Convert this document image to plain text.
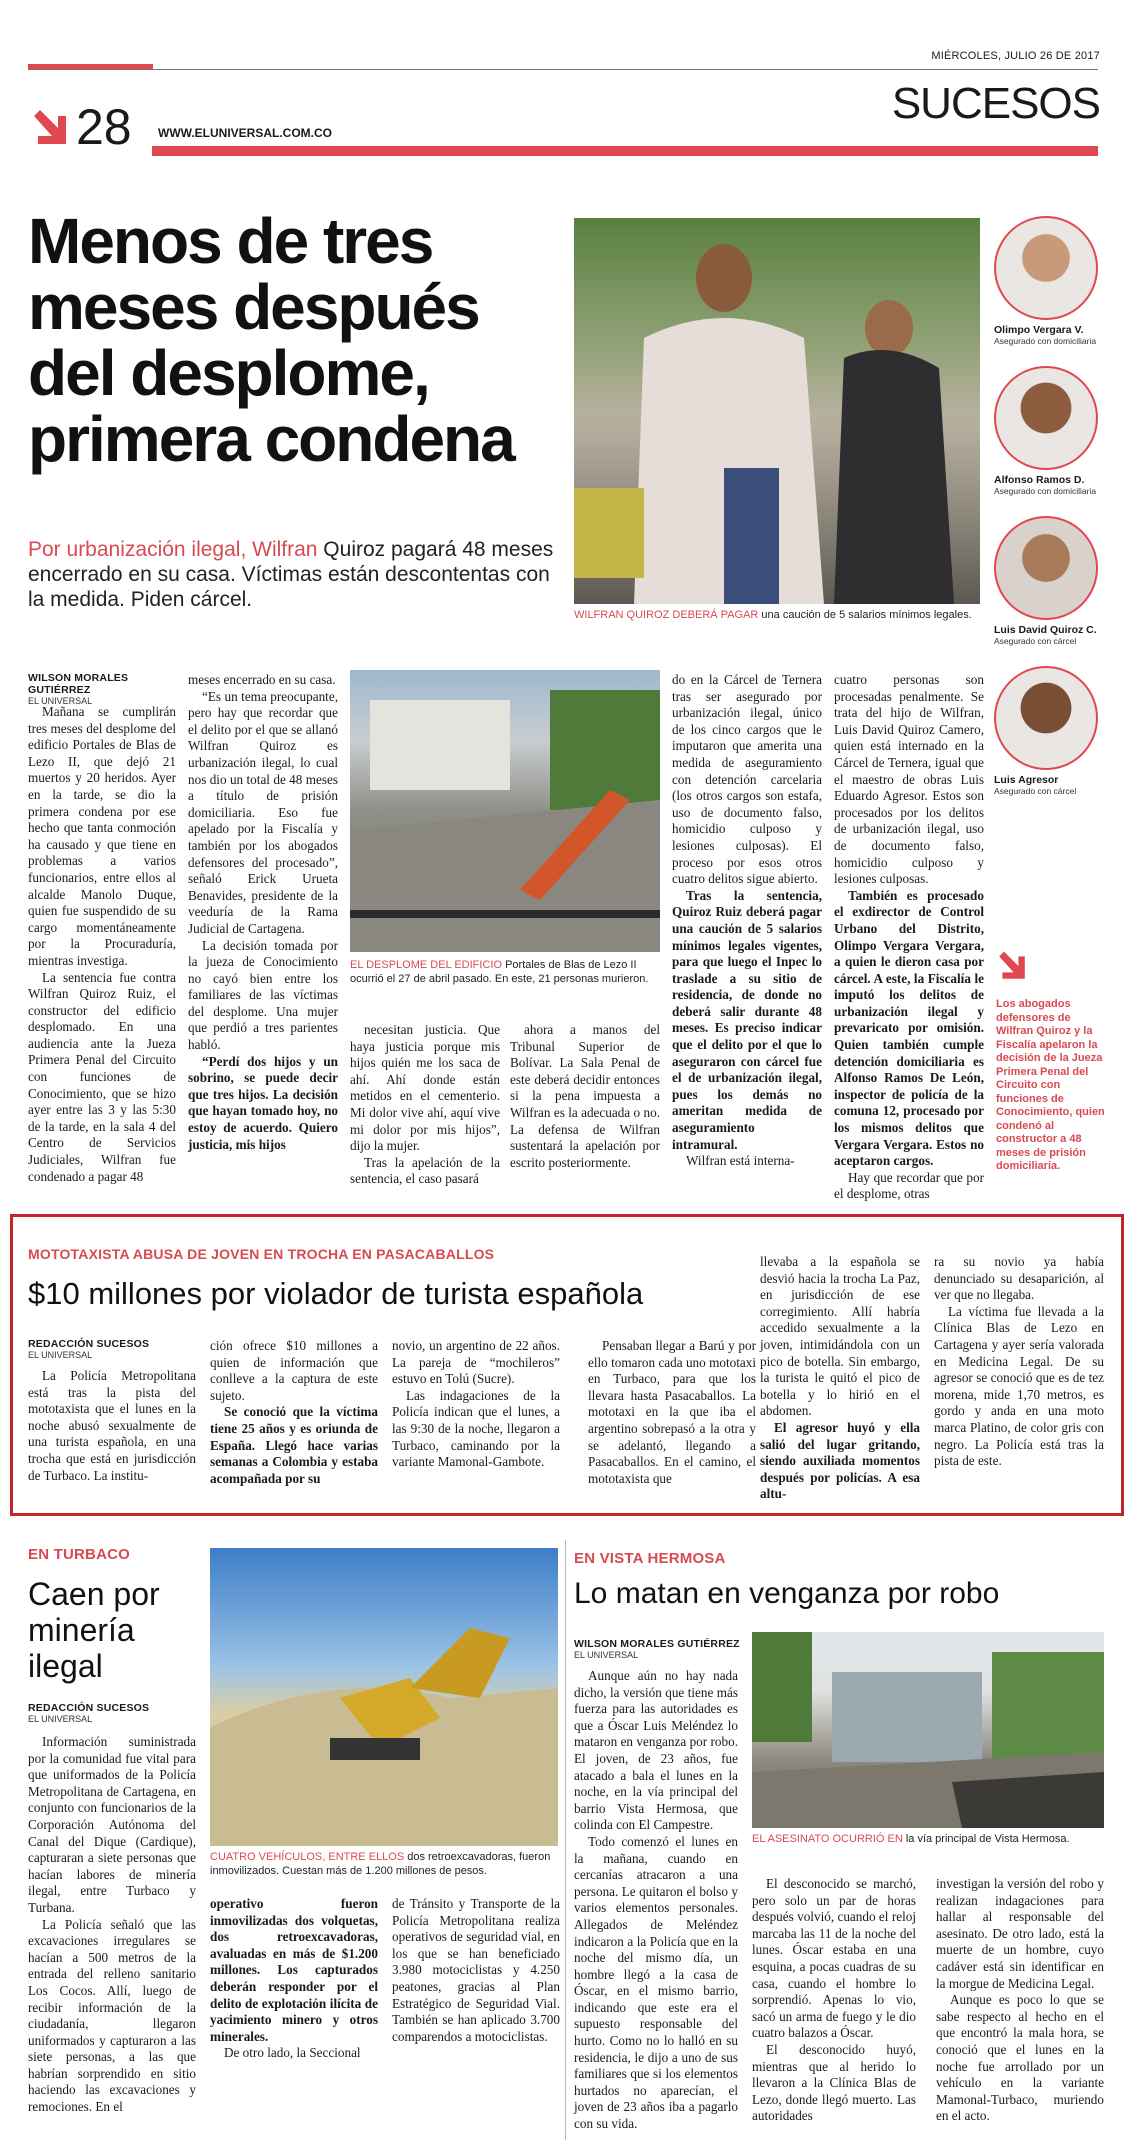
MIÉRCOLES, JULIO 26 DE 2017
28 WWW.ELUNIVERSAL.COM.CO
SUCESOS
Menos de tres meses después del desplome, primera condena
Por urbanización ilegal, Wilfran Quiroz pagará 48 meses encerrado en su casa. Víctimas están descontentas con la medida. Piden cárcel.
WILFRAN QUIROZ DEBERÁ PAGAR una caución de 5 salarios mínimos legales.
Olimpo Vergara V.
Asegurado con domiciliaria
Alfonso Ramos D.
Asegurado con domiciliaria
Luis David Quiroz C.
Asegurado con cárcel
Luis Agresor
Asegurado con cárcel
WILSON MORALES GUTIÉRREZ
EL UNIVERSAL

Mañana se cumplirán tres meses del desplome del edificio Portales de Blas de Lezo II, que dejó 21 muertos y 20 heridos. Ayer en la tarde, se dio la primera condena por ese hecho que tanta conmoción ha causado y que tiene en problemas a varios funcionarios, entre ellos al alcalde Manolo Duque, quien fue suspendido de su cargo momentáneamente por la Procuraduría, mientras investiga.

La sentencia fue contra Wilfran Quiroz Ruiz, el constructor del edificio desplomado. En una audiencia ante la Jueza Primera Penal del Circuito con funciones de Conocimiento, que se hizo ayer entre las 3 y las 5:30 de la tarde, en la sala 4 del Centro de Servicios Judiciales, Wilfran fue condenado a pagar 48

meses encerrado en su casa.

“Es un tema preocupante, pero hay que recordar que el delito por el que se allanó Wilfran Quiroz es urbanización ilegal, lo cual nos dio un total de 48 meses a título de prisión domiciliaria. Eso fue apelado por la Fiscalía y también por los abogados defensores del procesado”, señaló Erick Urueta Benavides, presidente de la veeduría de la Rama Judicial de Cartagena.

La decisión tomada por la jueza de Conocimiento no cayó bien entre los familiares de las víctimas del desplome. Una mujer que perdió a tres parientes habló.

“Perdí dos hijos y un sobrino, se puede decir que tres hijos. La decisión que hayan tomado hoy, no estoy de acuerdo. Quiero justicia, mis hijos

EL DESPLOME DEL EDIFICIO Portales de Blas de Lezo II ocurrió el 27 de abril pasado. En este, 21 personas murieron.

necesitan justicia. Que haya justicia porque mis hijos quién me los saca de ahí. Ahí donde están metidos en el cementerio. Mi dolor vive ahí, aquí vive mi dolor por mis hijos”, dijo la mujer.

Tras la apelación de la sentencia, el caso pasará

ahora a manos del Tribunal Superior de Bolívar. La Sala Penal de este deberá decidir entonces si la pena impuesta a Wilfran es la adecuada o no. La defensa de Wilfran sustentará la apelación por escrito posteriormente.

do en la Cárcel de Ternera tras ser asegurado por urbanización ilegal, único de los cinco cargos que le imputaron que amerita una medida de aseguramiento con detención carcelaria (los otros cargos son estafa, uso de documento falso, homicidio culposo y lesiones culposas). El proceso por esos otros cuatro delitos sigue abierto.

Tras la sentencia, Quiroz Ruiz deberá pagar una caución de 5 salarios mínimos legales vigentes, para que luego el Inpec lo traslade a su sitio de residencia, de donde no deberá salir durante 48 meses. Es preciso indicar que el delito por el que lo aseguraron con cárcel fue el de urbanización ilegal, pues los demás no ameritan medida de aseguramiento intramural.

Wilfran está interna-

cuatro personas son procesadas penalmente. Se trata del hijo de Wilfran, Luis David Quiroz Camero, quien está internado en la Cárcel de Ternera, igual que el maestro de obras Luis Eduardo Agresor. Estos son procesados por los delitos de urbanización ilegal, uso de documento falso, homicidio culposo y lesiones culposas.

También es procesado el exdirector de Control Urbano del Distrito, Olimpo Vergara Vergara, a quien le dieron casa por cárcel. A este, la Fiscalía le imputó los delitos de urbanización ilegal y prevaricato por omisión. Quien también cumple detención domiciliaria es Alfonso Ramos De León, inspector de policía de la comuna 12, procesado por los mismos delitos que Vergara Vergara. Estos no aceptaron cargos.

Hay que recordar que por el desplome, otras

Los abogados defensores de Wilfran Quiroz y la Fiscalía apelaron la decisión de la Jueza Primera Penal del Circuito con funciones de Conocimiento, quien condenó al constructor a 48 meses de prisión domiciliaria.
MOTOTAXISTA ABUSA DE JOVEN EN TROCHA EN PASACABALLOS
$10 millones por violador de turista española
REDACCIÓN SUCESOS
EL UNIVERSAL

La Policía Metropolitana está tras la pista del mototaxista que el lunes en la noche abusó sexualmente de una turista española, en una trocha que está en jurisdicción de Turbaco. La institu-

ción ofrece $10 millones a quien de información que conlleve a la captura de este sujeto.

Se conoció que la víctima tiene 25 años y es oriunda de España. Llegó hace varias semanas a Colombia y estaba acompañada por su

novio, un argentino de 22 años. La pareja de “mochileros” estuvo en Tolú (Sucre).

Las indagaciones de la Policía indican que el lunes, a las 9:30 de la noche, llegaron a Turbaco, caminando por la variante Mamonal-Gambote.

Pensaban llegar a Barú y por ello tomaron cada uno mototaxi en Turbaco, para que los llevara hasta Pasacaballos. La mototaxi en la que iba el argentino sobrepasó a la otra y se adelantó, llegando a Pasacaballos. En el camino, el mototaxista que

llevaba a la española se desvió hacia la trocha La Paz, en jurisdicción de ese corregimiento. Allí habría accedido sexualmente a la joven, intimidándola con un pico de botella. Sin embargo, la turista le quitó el pico de botella y lo hirió en el abdomen.

El agresor huyó y ella salió del lugar gritando, siendo auxiliada momentos después por policías. A esa altu-

ra su novio ya había denunciado su desaparición, al ver que no llegaba.

La víctima fue llevada a la Clínica Blas de Lezo en Cartagena y ayer sería valorada en Medicina Legal. De su agresor se conoció que es de tez morena, mide 1,70 metros, es gordo y anda en una moto marca Platino, de color gris con negro. La Policía está tras la pista de este.

EN TURBACO
Caen por minería ilegal
REDACCIÓN SUCESOS
EL UNIVERSAL

Información suministrada por la comunidad fue vital para que uniformados de la Policía Metropolitana de Cartagena, en conjunto con funcionarios de la Corporación Autónoma del Canal del Dique (Cardique), capturaran a siete personas que hacían labores de minería ilegal, entre Turbaco y Turbana.

La Policía señaló que las excavaciones irregulares se hacían a 500 metros de la entrada del relleno sanitario Los Cocos. Allí, luego de recibir información de la ciudadanía, llegaron uniformados y capturaron a las siete personas, a las que habrían sorprendido en sitio haciendo las excavaciones y remociones. En el

CUATRO VEHÍCULOS, ENTRE ELLOS dos retroexcavadoras, fueron inmovilizados. Cuestan más de 1.200 millones de pesos.

operativo fueron inmovilizadas dos volquetas, dos retroexcavadoras, avaluadas en más de $1.200 millones. Los capturados deberán responder por el delito de explotación ilícita de yacimiento minero y otros minerales.

De otro lado, la Seccional

de Tránsito y Transporte de la Policía Metropolitana realiza operativos de seguridad vial, en los que se han beneficiado 3.980 motociclistas y 4.250 peatones, gracias al Plan Estratégico de Seguridad Vial. También se han aplicado 3.700 comparendos a motociclistas.

EN VISTA HERMOSA
Lo matan en venganza por robo
WILSON MORALES GUTIÉRREZ
EL UNIVERSAL

Aunque aún no hay nada dicho, la versión que tiene más fuerza para las autoridades es que a Óscar Luis Meléndez lo mataron en venganza por robo. El joven, de 23 años, fue atacado a bala el lunes en la noche, en la vía principal del barrio Vista Hermosa, que colinda con El Campestre.

Todo comenzó el lunes en la mañana, cuando en cercanías atracaron a una persona. Le quitaron el bolso y varios elementos personales. Allegados de Meléndez indicaron a la Policía que en la noche del mismo día, un hombre llegó a la casa de Óscar, en el mismo barrio, indicando que este era el supuesto responsable del hurto. Como no lo halló en su residencia, le dijo a uno de sus familiares que si los elementos hurtados no aparecían, el joven de 23 años iba a pagarlo con su vida.

EL ASESINATO OCURRIÓ EN la vía principal de Vista Hermosa.

El desconocido se marchó, pero solo un par de horas después volvió, cuando el reloj marcaba las 11 de la noche del lunes. Óscar estaba en una esquina, a pocas cuadras de su casa, cuando el hombre lo sorprendió. Apenas lo vio, sacó un arma de fuego y le dio cuatro balazos a Óscar.

El desconocido huyó, mientras que al herido lo llevaron a la Clínica Blas de Lezo, donde llegó muerto. Las autoridades

investigan la versión del robo y realizan indagaciones para hallar al responsable del asesinato. De otro lado, está la muerte de un hombre, cuyo cadáver está sin identificar en la morgue de Medicina Legal.

Aunque es poco lo que se sabe respecto al hecho en el que encontró la mala hora, se conoció que el lunes en la noche fue arrollado por un vehículo en la variante Mamonal-Turbaco, muriendo en el acto.
